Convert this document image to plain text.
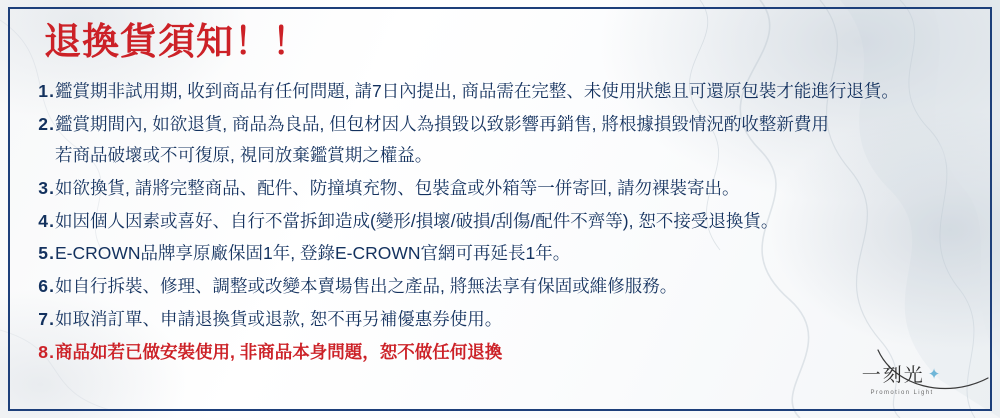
退換貨須知！！
1 . 鑑賞期非試用期, 收到商品有任何問題, 請7日內提出, 商品需在完整、未使用狀態且可還原包裝才能進行退貨。
2 . 鑑賞期間內, 如欲退貨, 商品為良品, 但包材因人為損毀以致影響再銷售, 將根據損毀情況酌收整新費用
若商品破壞或不可復原, 視同放棄鑑賞期之權益。
3 . 如欲換貨, 請將完整商品、配件、防撞填充物、包裝盒或外箱等一併寄回, 請勿裸裝寄出。
4 . 如因個人因素或喜好、自行不當拆卸造成(變形/損壞/破損/刮傷/配件不齊等), 恕不接受退換貨。
5 . E-CROWN品牌享原廠保固1年, 登錄E-CROWN官網可再延長1年。
6 . 如自行拆裝、修理、調整或改變本賣場售出之產品, 將無法享有保固或維修服務。
7 . 如取消訂單、申請退換貨或退款, 恕不再另補優惠券使用。
8 . 商品如若已做安裝使用, 非商品本身問題，恕不做任何退換
一刻光 ✦
Promotion Light
